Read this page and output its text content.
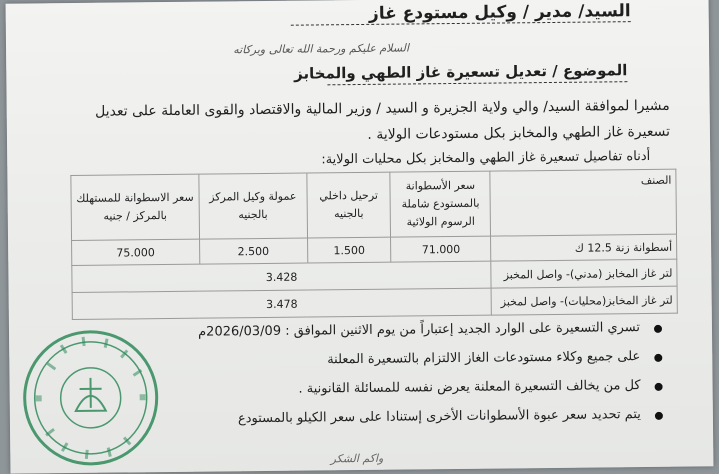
السيد/ مدير / وكيل مستودع غاز
السلام عليكم ورحمة الله تعالى وبركاته
الموضوع / تعديل تسعيرة غاز الطهي والمخابز
مشيرا لموافقة السيد/ والي ولاية الجزيرة و السيد / وزير المالية والاقتصاد والقوى العاملة على تعديل تسعيرة غاز الطهي والمخابز بكل مستودعات الولاية .
أدناه تفاصيل تسعيرة غاز الطهي والمخابز بكل محليات الولاية:
الصنف	سعر الأسطوانة بالمستودع شاملة الرسوم الولائية	ترحيل داخلي بالجنيه	عمولة وكيل المركز بالجنيه	سعر الاسطوانة للمستهلك بالمركز / جنيه
أسطوانة زنة 12.5 ك	71.000	1.500	2.500	75.000
لتر غاز المخابز (مدني)- واصل المخبز	3.428			
لتر غاز المخابز(محليات)- واصل لمخبز	3.478			
تسري التسعيرة على الوارد الجديد إعتباراً من يوم الاثنين الموافق : 2026/03/09م
على جميع وكلاء مستودعات الغاز الالتزام بالتسعيرة المعلنة
كل من يخالف التسعيرة المعلنة يعرض نفسه للمسائلة القانونية .
يتم تحديد سعر عبوة الأسطوانات الأخرى إستنادا على سعر الكيلو بالمستودع
واكم الشكر
